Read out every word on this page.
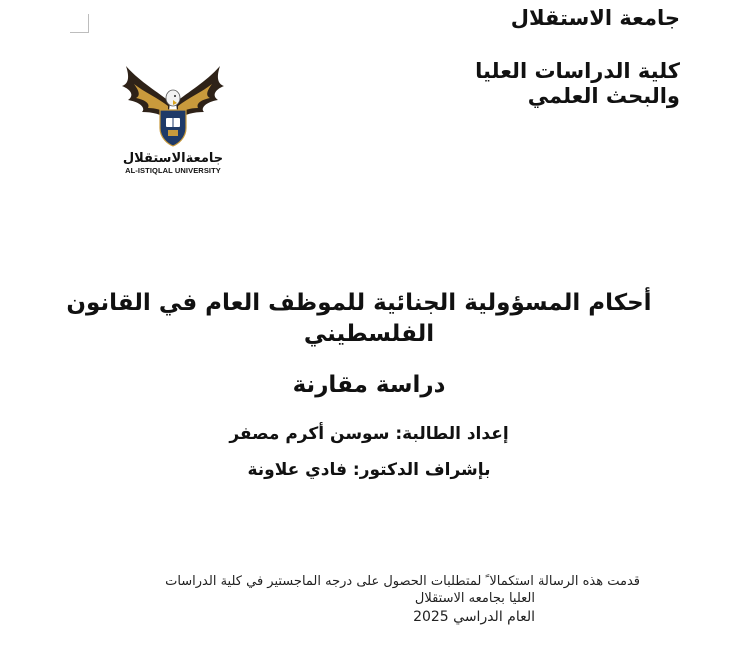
جامعة الاستقلال

كلية الدراسات العليا

والبحث العلمي

جامعةالاستقلال
AL-ISTIQLAL UNIVERSITY
أحكام المسؤولية الجنائية للموظف العام في القانون
الفلسطيني
دراسة مقارنة
إعداد الطالبة: سوسن أكرم مصفر
بإشراف الدكتور: فادي علاونة
قدمت هذه الرسالة استكمالا ً لمتطلبات الحصول على درجه الماجستير في كلية الدراسات
العليا بجامعه الاستقلال
العام الدراسي 2025
